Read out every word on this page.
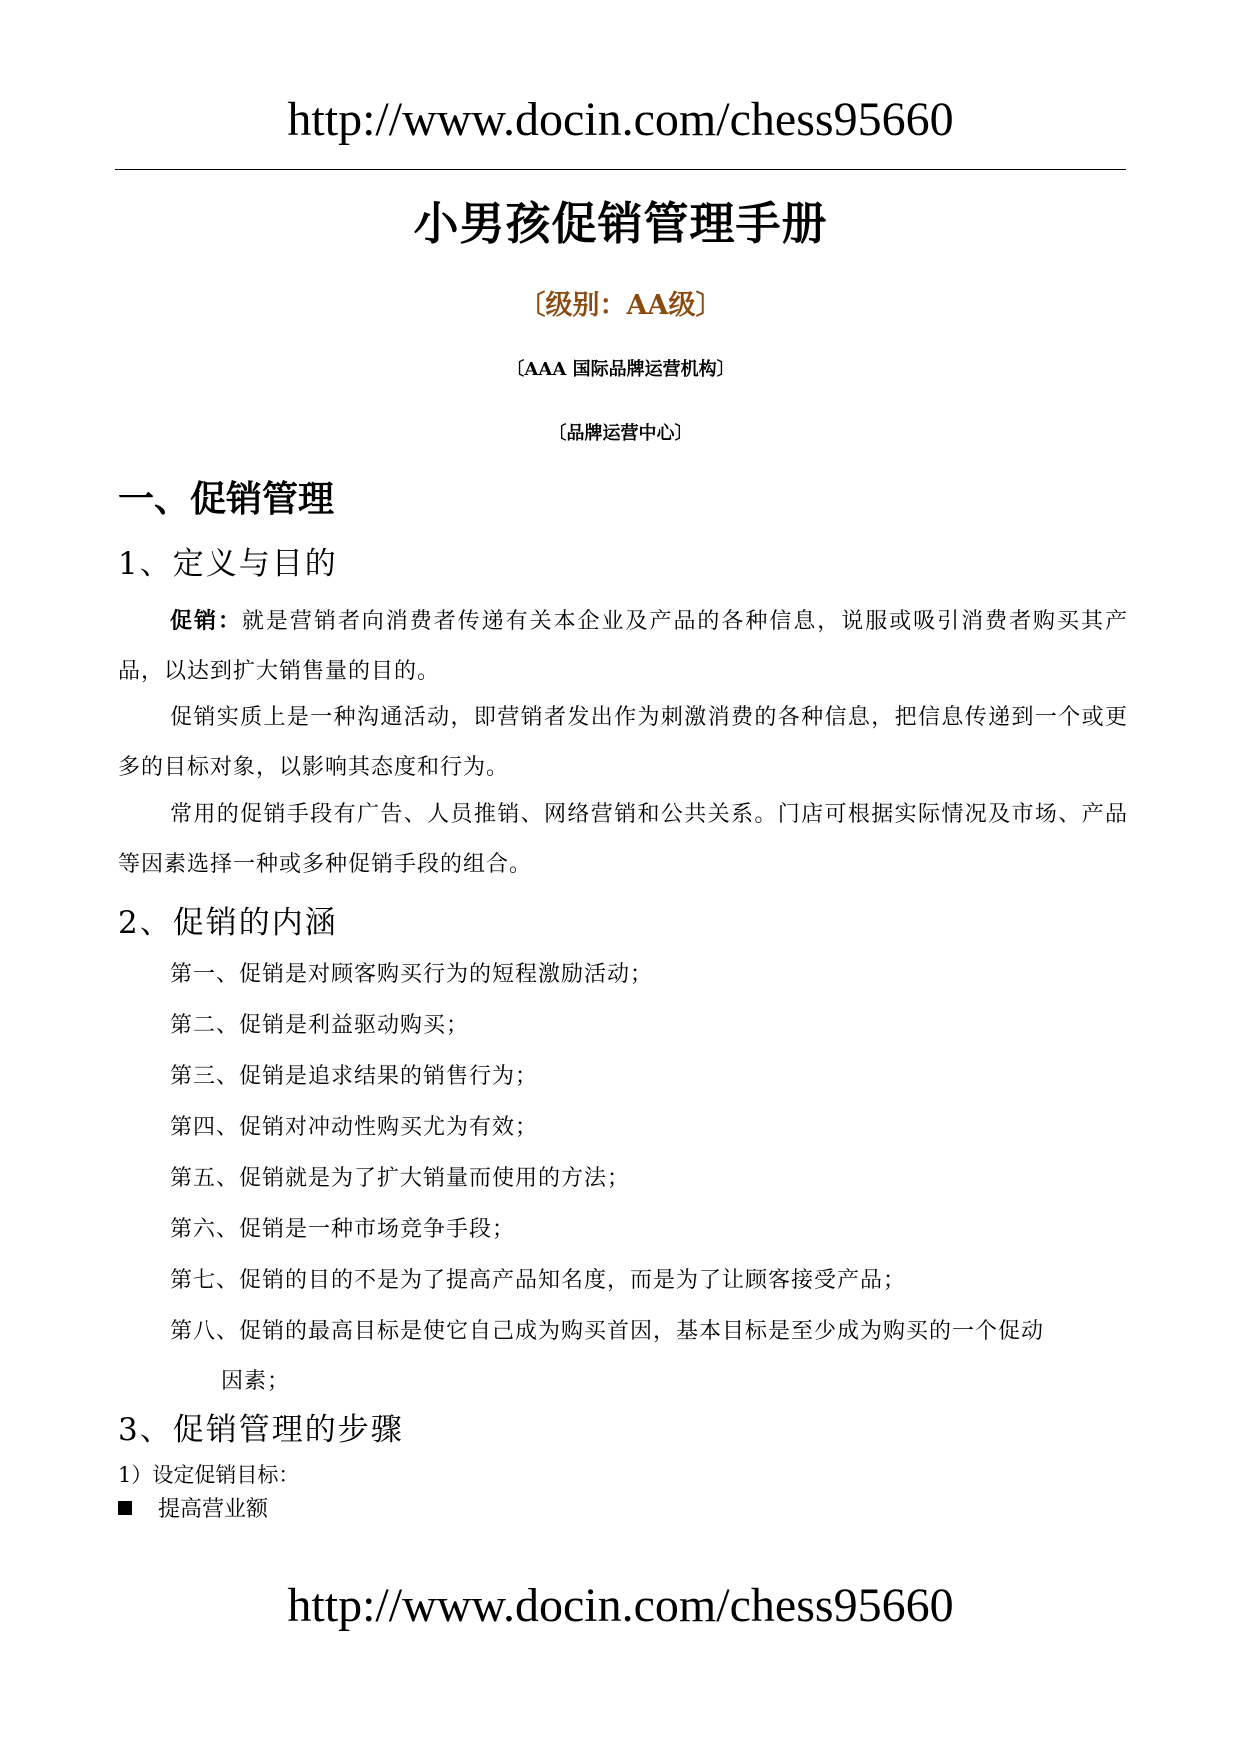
http://www.docin.com/chess95660
小男孩促销管理手册
〔级别：AA级〕
〔AAA 国际品牌运营机构〕
〔品牌运营中心〕
一、促销管理
1、定义与目的
促销：就是营销者向消费者传递有关本企业及产品的各种信息，说服或吸引消费者购买其产品，以达到扩大销售量的目的。
促销实质上是一种沟通活动，即营销者发出作为刺激消费的各种信息，把信息传递到一个或更多的目标对象，以影响其态度和行为。
常用的促销手段有广告、人员推销、网络营销和公共关系。门店可根据实际情况及市场、产品等因素选择一种或多种促销手段的组合。
2、促销的内涵
第一、促销是对顾客购买行为的短程激励活动；
第二、促销是利益驱动购买；
第三、促销是追求结果的销售行为；
第四、促销对冲动性购买尤为有效；
第五、促销就是为了扩大销量而使用的方法；
第六、促销是一种市场竞争手段；
第七、促销的目的不是为了提高产品知名度，而是为了让顾客接受产品；
第八、促销的最高目标是使它自己成为购买首因，基本目标是至少成为购买的一个促动
因素；
3、促销管理的步骤
1）设定促销目标：
提高营业额
http://www.docin.com/chess95660
